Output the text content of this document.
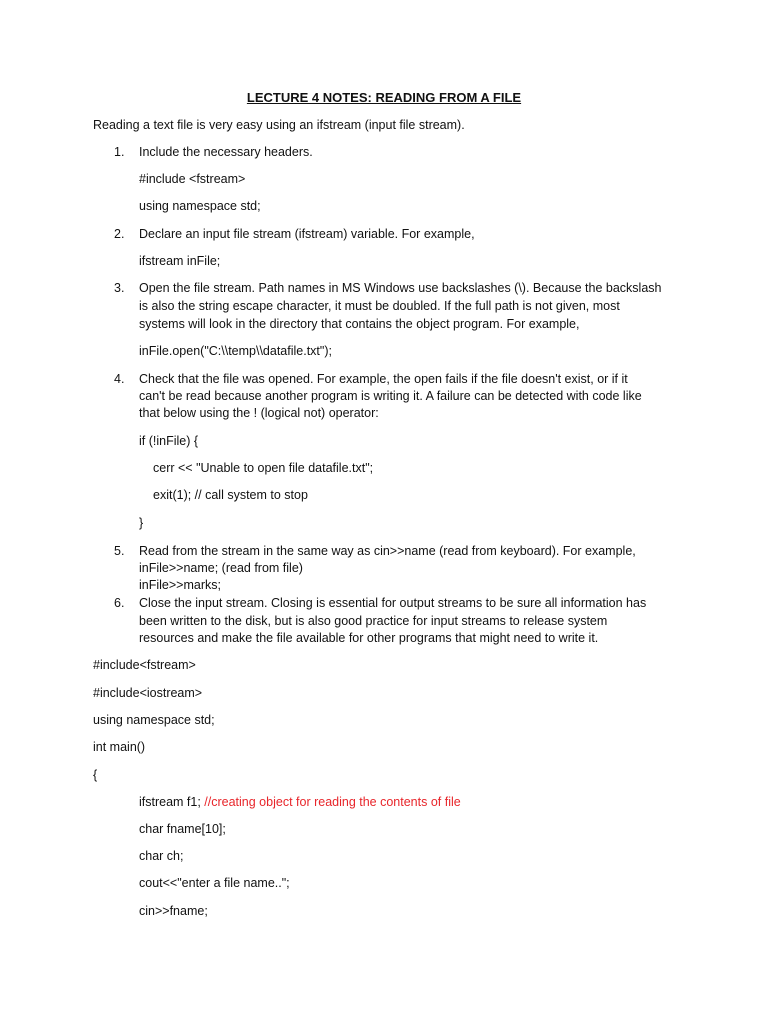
LECTURE 4 NOTES: READING FROM A FILE
Reading a text file is very easy using an ifstream (input file stream).
1. Include the necessary headers.
#include <fstream>
using namespace std;
2. Declare an input file stream (ifstream) variable. For example,
ifstream inFile;
3. Open the file stream. Path names in MS Windows use backslashes (\). Because the backslash
is also the string escape character, it must be doubled. If the full path is not given, most
systems will look in the directory that contains the object program. For example,
inFile.open("C:\\temp\\datafile.txt");
4. Check that the file was opened. For example, the open fails if the file doesn't exist, or if it
can't be read because another program is writing it. A failure can be detected with code like
that below using the ! (logical not) operator:
if (!inFile) {
cerr << "Unable to open file datafile.txt";
exit(1); // call system to stop
}
5. Read from the stream in the same way as cin>>name (read from keyboard). For example,
inFile>>name; (read from file)
inFile>>marks;
6. Close the input stream. Closing is essential for output streams to be sure all information has
been written to the disk, but is also good practice for input streams to release system
resources and make the file available for other programs that might need to write it.
#include<fstream>
#include<iostream>
using namespace std;
int main()
{
ifstream f1; //creating object for reading the contents of file
char fname[10];
char ch;
cout<<"enter a file name..";
cin>>fname;
